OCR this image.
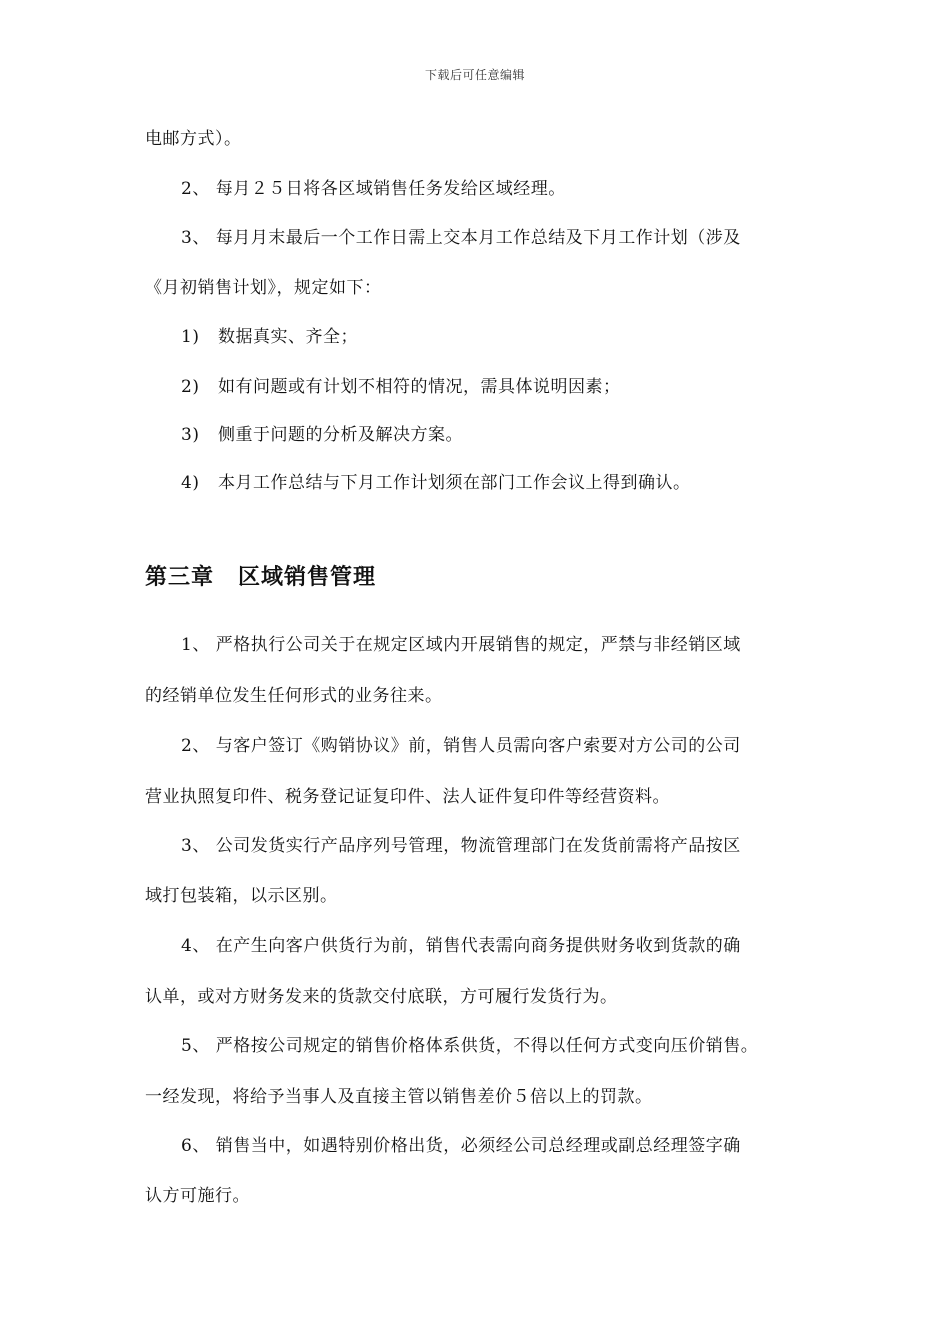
下载后可任意编辑
电邮方式）。
2、 每月２５日将各区域销售任务发给区域经理。
3、 每月月末最后一个工作日需上交本月工作总结及下月工作计划（涉及
《月初销售计划》，规定如下：
1) 数据真实、齐全；
2) 如有问题或有计划不相符的情况，需具体说明因素；
3) 侧重于问题的分析及解决方案。
4) 本月工作总结与下月工作计划须在部门工作会议上得到确认。
第三章 区域销售管理
1、 严格执行公司关于在规定区域内开展销售的规定，严禁与非经销区域
的经销单位发生任何形式的业务往来。
2、 与客户签订《购销协议》前，销售人员需向客户索要对方公司的公司
营业执照复印件、税务登记证复印件、法人证件复印件等经营资料。
3、 公司发货实行产品序列号管理，物流管理部门在发货前需将产品按区
域打包装箱，以示区别。
4、 在产生向客户供货行为前，销售代表需向商务提供财务收到货款的确
认单，或对方财务发来的货款交付底联，方可履行发货行为。
5、 严格按公司规定的销售价格体系供货，不得以任何方式变向压价销售。
一经发现，将给予当事人及直接主管以销售差价５倍以上的罚款。
6、 销售当中，如遇特别价格出货，必须经公司总经理或副总经理签字确
认方可施行。
